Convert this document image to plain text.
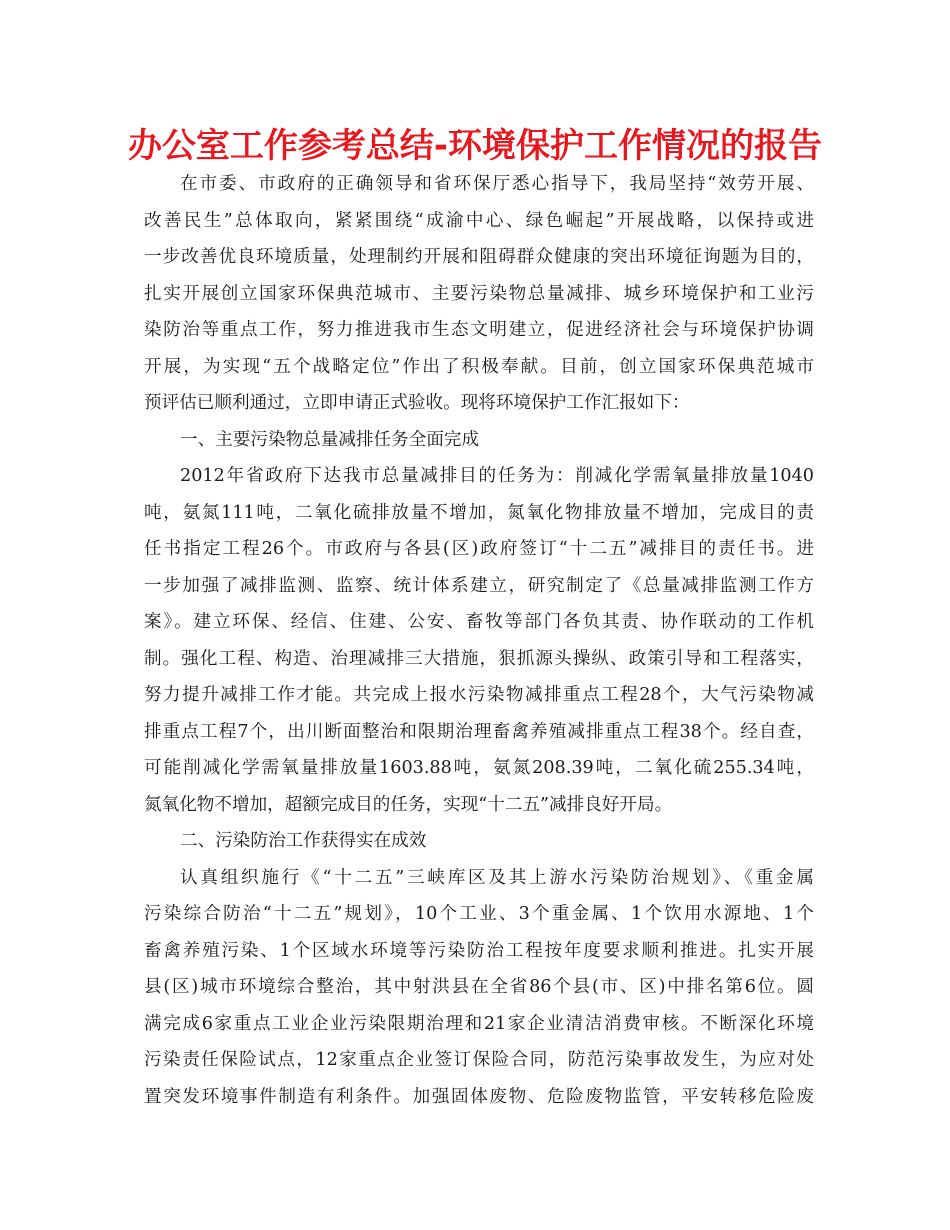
办公室工作参考总结-环境保护工作情况的报告
在市委、市政府的正确领导和省环保厅悉心指导下，我局坚持“效劳开展、
改善民生”总体取向，紧紧围绕“成渝中心、绿色崛起”开展战略，以保持或进
一步改善优良环境质量，处理制约开展和阻碍群众健康的突出环境征询题为目的，
扎实开展创立国家环保典范城市、主要污染物总量减排、城乡环境保护和工业污
染防治等重点工作，努力推进我市生态文明建立，促进经济社会与环境保护协调
开展，为实现“五个战略定位”作出了积极奉献。目前，创立国家环保典范城市
预评估已顺利通过，立即申请正式验收。现将环境保护工作汇报如下：
一、主要污染物总量减排任务全面完成
2012年省政府下达我市总量减排目的任务为：削减化学需氧量排放量1040
吨，氨氮111吨，二氧化硫排放量不增加，氮氧化物排放量不增加，完成目的责
任书指定工程26个。市政府与各县(区)政府签订“十二五”减排目的责任书。进
一步加强了减排监测、监察、统计体系建立，研究制定了《总量减排监测工作方
案》。建立环保、经信、住建、公安、畜牧等部门各负其责、协作联动的工作机
制。强化工程、构造、治理减排三大措施，狠抓源头操纵、政策引导和工程落实，
努力提升减排工作才能。共完成上报水污染物减排重点工程28个，大气污染物减
排重点工程7个，出川断面整治和限期治理畜禽养殖减排重点工程38个。经自查，
可能削减化学需氧量排放量1603.88吨，氨氮208.39吨，二氧化硫255.34吨，
氮氧化物不增加，超额完成目的任务，实现“十二五”减排良好开局。
二、污染防治工作获得实在成效
认真组织施行《“十二五”三峡库区及其上游水污染防治规划》、《重金属
污染综合防治“十二五”规划》，10个工业、3个重金属、1个饮用水源地、1个
畜禽养殖污染、1个区域水环境等污染防治工程按年度要求顺利推进。扎实开展
县(区)城市环境综合整治，其中射洪县在全省86个县(市、区)中排名第6位。圆
满完成6家重点工业企业污染限期治理和21家企业清洁消费审核。不断深化环境
污染责任保险试点，12家重点企业签订保险合同，防范污染事故发生，为应对处
置突发环境事件制造有利条件。加强固体废物、危险废物监管，平安转移危险废
